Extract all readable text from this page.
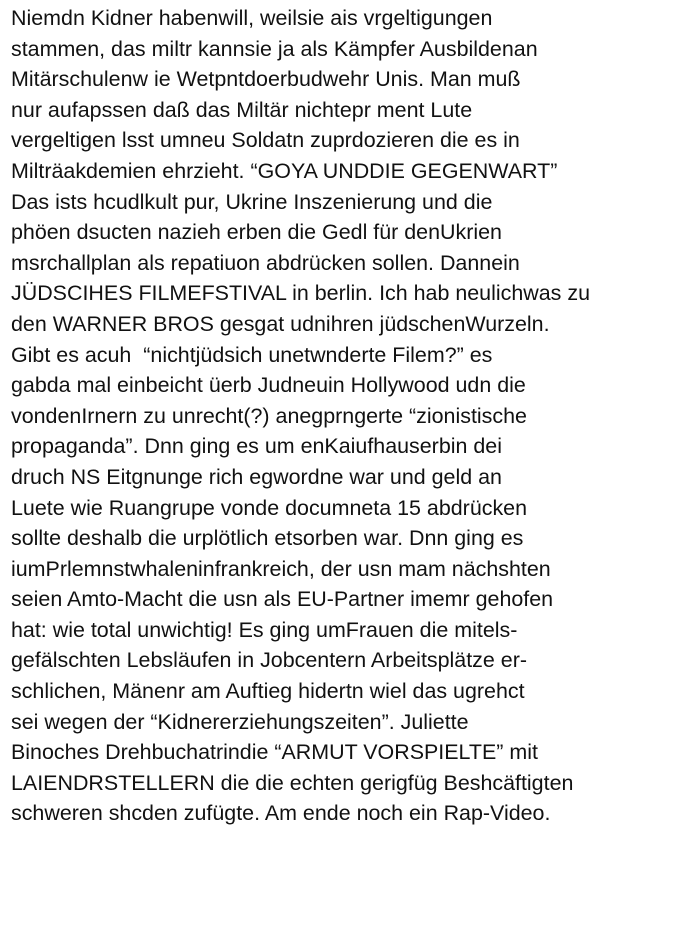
Niemdn Kidner habenwill, weilsie ais vrgeltigungen stammen, das miltr kannsie ja als Kämpfer Ausbildenan Mitärschulenw ie Wetpntdoerbudwehr Unis. Man muß nur aufapssen daß das Miltär nichtepr ment Lute vergeltigen lsst umneu Soldatn zuprdozieren die es in Milträakdemien ehrzieht. “GOYA UNDDIE GEGENWART” Das ists hcudlkult pur, Ukrine Inszenierung und die phöen dsucten nazieh erben die Gedl für denUkrien msrchallplan als repatiuon abdrücken sollen. Dannein JÜDSCIHES FILMEFSTIVAL in berlin. Ich hab neulichwas zu den WARNER BROS gesgat udnihren jüdschenWurzeln. Gibt es acuh  “nichtjüdsich unetwnderte Filem?” es gabda mal einbeicht üerb Judneuin Hollywood udn die vondenIrnern zu unrecht(?) anegprngerte “zionistische propaganda”. Dnn ging es um enKaiufhauserbin dei druch NS Eitgnunge rich egwordne war und geld an Luete wie Ruangrupe vonde documneta 15 abdrücken sollte deshalb die urplötlich etsorben war. Dnn ging es iumPrlemnstwhaleninfrankreich, der usn mam nächshten seien Amto-Macht die usn als EU-Partner imemr gehofen hat: wie total unwichtig! Es ging umFrauen die mitels- gefälschten Lebsläufen in Jobcentern Arbeitsplätze er- schlichen, Mänenr am Auftieg hidertn wiel das ugrehct sei wegen der “Kidnererziehungszeiten”. Juliette Binoches Drehbuchatrindie “ARMUT VORSPIELTE” mit LAIENDRSTELLERN die die echten gerigfüg Beshcäftigten schweren shcden zufügte. Am ende noch ein Rap-Video.
